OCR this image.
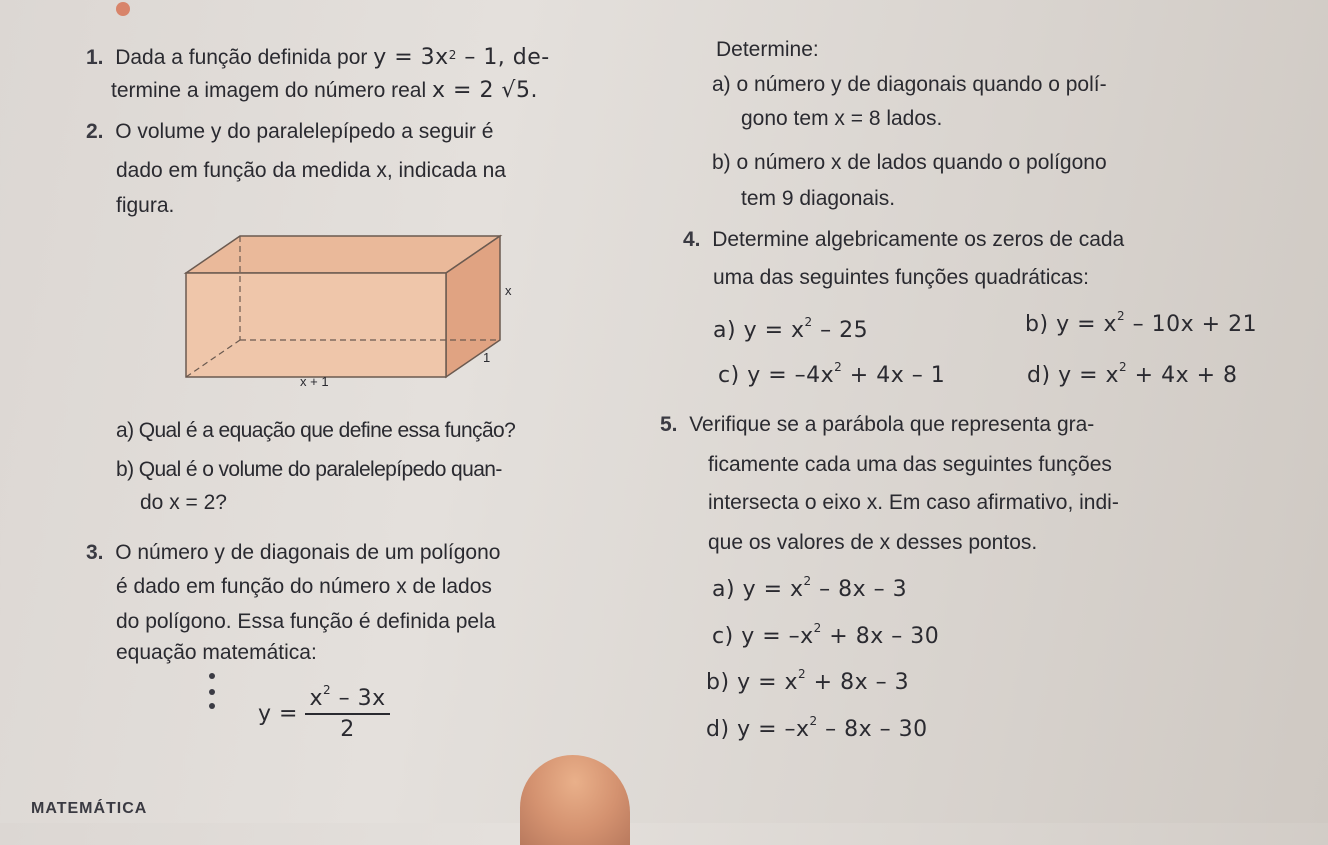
1. Dada a função definida por $y = 3x^2 - 1$, de-
termine a imagem do número real x = 2 √5.
2. O volume y do paralelepípedo a seguir é
dado em função da medida x, indicada na
figura.
x
1
x + 1
a) Qual é a equação que define essa função?
b) Qual é o volume do paralelepípedo quan-
do x = 2?
3. O número y de diagonais de um polígono
é dado em função do número x de lados
do polígono. Essa função é definida pela
equação matemática:
$y = \frac{x^2 - 3x}{2}$
Determine:
a) o número y de diagonais quando o polí-
gono tem x = 8 lados.
b) o número x de lados quando o polígono
tem 9 diagonais.
4. Determine algebricamente os zeros de cada
uma das seguintes funções quadráticas:
a) $y = x^2 - 25$	b) $y = x^2 - 10x + 21$
c) $y = -4x^2 + 4x - 1$	d) $y = x^2 + 4x + 8$
5. Verifique se a parábola que representa gra-
ficamente cada uma das seguintes funções
intersecta o eixo x. Em caso afirmativo, indi-
que os valores de x desses pontos.
a) $y = x^2 - 8x - 3$
c) $y = -x^2 + 8x - 30$
b) $y = x^2 + 8x - 3$
d) $y = -x^2 - 8x - 30$
MATEMÁTICA
